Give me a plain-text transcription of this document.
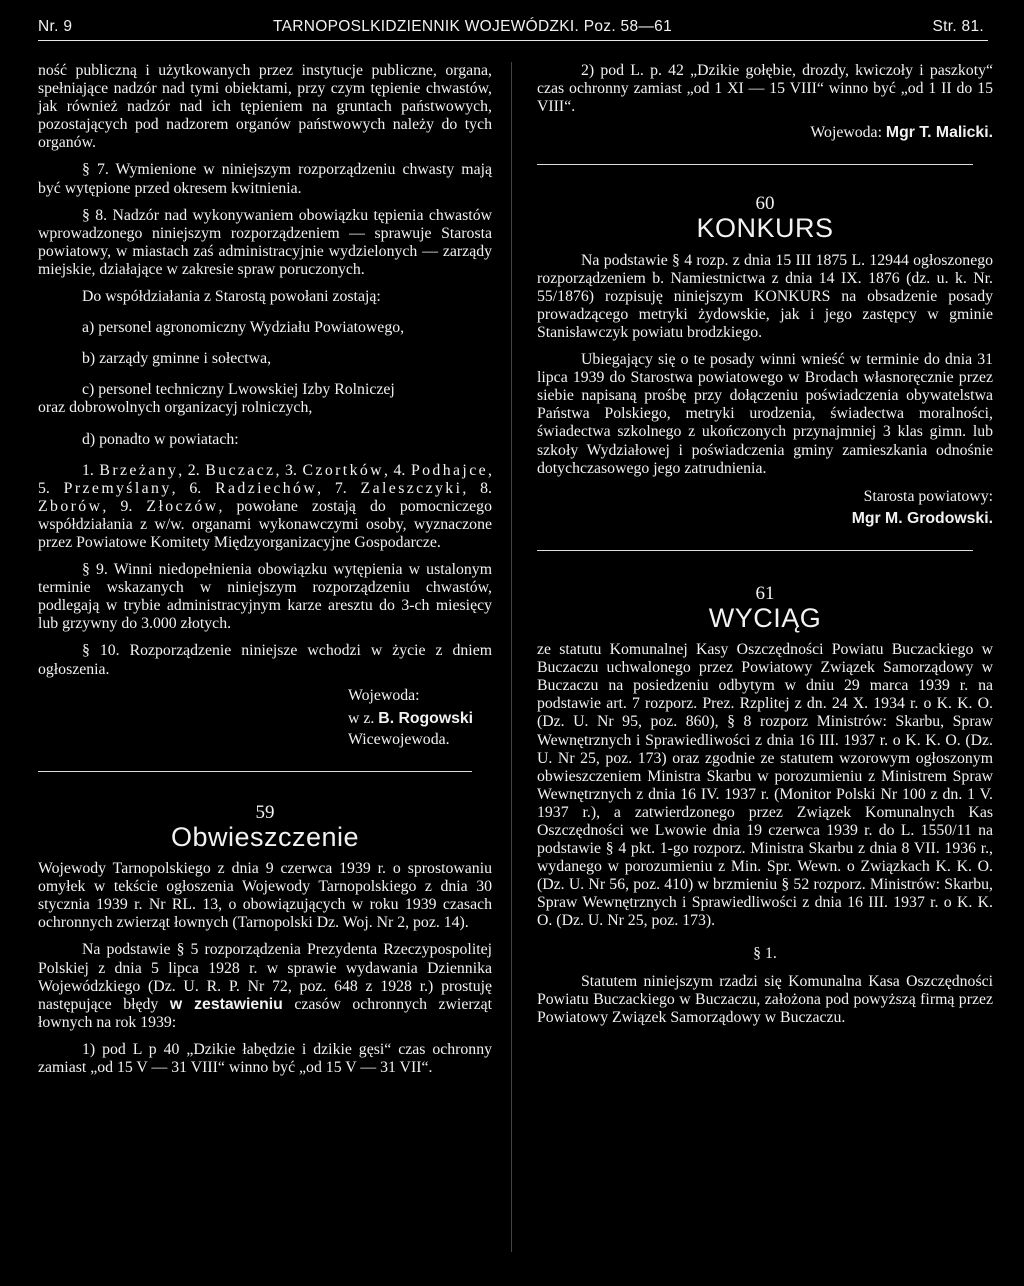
Nr. 9	TARNOPOSLKIDZIENNIK WOJEWÓDZKI. Poz. 58—61	Str. 81.

ność publiczną i użytkowanych przez instytucje publiczne, organa, spełniające nadzór nad tymi obiektami, przy czym tępienie chwastów, jak również nadzór nad ich tępieniem na gruntach państwowych, pozostających pod nadzorem organów państwowych należy do tych organów.

§ 7. Wymienione w niniejszym rozporządzeniu chwasty mają być wytępione przed okresem kwitnienia.

§ 8. Nadzór nad wykonywaniem obowiązku tępienia chwastów wprowadzonego niniejszym rozporządzeniem — sprawuje Starosta powiatowy, w miastach zaś administracyjnie wydzielonych — zarządy miejskie, działające w zakresie spraw poruczonych.

Do współdziałania z Starostą powołani zostają:

a) personel agronomiczny Wydziału Powiatowego,

b) zarządy gminne i sołectwa,

c) personel techniczny Lwowskiej Izby Rolniczej

oraz dobrowolnych organizacyj rolniczych,

d) ponadto w powiatach:

1. Brzeżany, 2. Buczacz, 3. Czortków, 4. Podhajce, 5. Przemyślany, 6. Radziechów, 7. Zaleszczyki, 8. Zborów, 9. Złoczów, powołane zostają do pomocniczego współdziałania z w/w. organami wykonawczymi osoby, wyznaczone przez Powiatowe Komitety Międzyorganizacyjne Gospodarcze.

§ 9. Winni niedopełnienia obowiązku wytępienia w ustalonym terminie wskazanych w niniejszym rozporządzeniu chwastów, podlegają w trybie administracyjnym karze aresztu do 3-ch miesięcy lub grzywny do 3.000 złotych.

§ 10. Rozporządzenie niniejsze wchodzi w życie z dniem ogłoszenia.

Wojewoda:

w z. B. Rogowski

Wicewojewoda.

59

Obwieszczenie

Wojewody Tarnopolskiego z dnia 9 czerwca 1939 r. o sprostowaniu omyłek w tekście ogłoszenia Wojewody Tarnopolskiego z dnia 30 stycznia 1939 r. Nr RL. 13, o obowiązujących w roku 1939 czasach ochronnych zwierząt łownych (Tarnopolski Dz. Woj. Nr 2, poz. 14).

Na podstawie § 5 rozporządzenia Prezydenta Rzeczypospolitej Polskiej z dnia 5 lipca 1928 r. w sprawie wydawania Dziennika Wojewódzkiego (Dz. U. R. P. Nr 72, poz. 648 z 1928 r.) prostuję następujące błędy w zestawieniu czasów ochronnych zwierząt łownych na rok 1939:

1) pod L p 40 „Dzikie łabędzie i dzikie gęsi“ czas ochronny zamiast „od 15 V — 31 VIII“ winno być „od 15 V — 31 VII“.

2) pod L. p. 42 „Dzikie gołębie, drozdy, kwiczoły i paszkoty“ czas ochronny zamiast „od 1 XI — 15 VIII“ winno być „od 1 II do 15 VIII“.

Wojewoda: Mgr T. Malicki.

60

KONKURS

Na podstawie § 4 rozp. z dnia 15 III 1875 L. 12944 ogłoszonego rozporządzeniem b. Namiestnictwa z dnia 14 IX. 1876 (dz. u. k. Nr. 55/1876) rozpisuję niniejszym KONKURS na obsadzenie posady prowadzącego metryki żydowskie, jak i jego zastępcy w gminie Stanisławczyk powiatu brodzkiego.

Ubiegający się o te posady winni wnieść w terminie do dnia 31 lipca 1939 do Starostwa powiatowego w Brodach własnoręcznie przez siebie napisaną prośbę przy dołączeniu poświadczenia obywatelstwa Państwa Polskiego, metryki urodzenia, świadectwa moralności, świadectwa szkolnego z ukończonych przynajmniej 3 klas gimn. lub szkoły Wydziałowej i poświadczenia gminy zamieszkania odnośnie dotychczasowego jego zatrudnienia.

Starosta powiatowy:

Mgr M. Grodowski.

61

WYCIĄG

ze statutu Komunalnej Kasy Oszczędności Powiatu Buczackiego w Buczaczu uchwalonego przez Powiatowy Związek Samorządowy w Buczaczu na posiedzeniu odbytym w dniu 29 marca 1939 r. na podstawie art. 7 rozporz. Prez. Rzplitej z dn. 24 X. 1934 r. o K. K. O. (Dz. U. Nr 95, poz. 860), § 8 rozporz Ministrów: Skarbu, Spraw Wewnętrznych i Sprawiedliwości z dnia 16 III. 1937 r. o K. K. O. (Dz. U. Nr 25, poz. 173) oraz zgodnie ze statutem wzorowym ogłoszonym obwieszczeniem Ministra Skarbu w porozumieniu z Ministrem Spraw Wewnętrznych z dnia 16 IV. 1937 r. (Monitor Polski Nr 100 z dn. 1 V. 1937 r.), a zatwierdzonego przez Związek Komunalnych Kas Oszczędności we Lwowie dnia 19 czerwca 1939 r. do L. 1550/11 na podstawie § 4 pkt. 1-go rozporz. Ministra Skarbu z dnia 8 VII. 1936 r., wydanego w porozumieniu z Min. Spr. Wewn. o Związkach K. K. O. (Dz. U. Nr 56, poz. 410) w brzmieniu § 52 rozporz. Ministrów: Skarbu, Spraw Wewnętrznych i Sprawiedliwości z dnia 16 III. 1937 r. o K. K. O. (Dz. U. Nr 25, poz. 173).

§ 1.

Statutem niniejszym rzadzi się Komunalna Kasa Oszczędności Powiatu Buczackiego w Buczaczu, założona pod powyższą firmą przez Powiatowy Związek Samorządowy w Buczaczu.
